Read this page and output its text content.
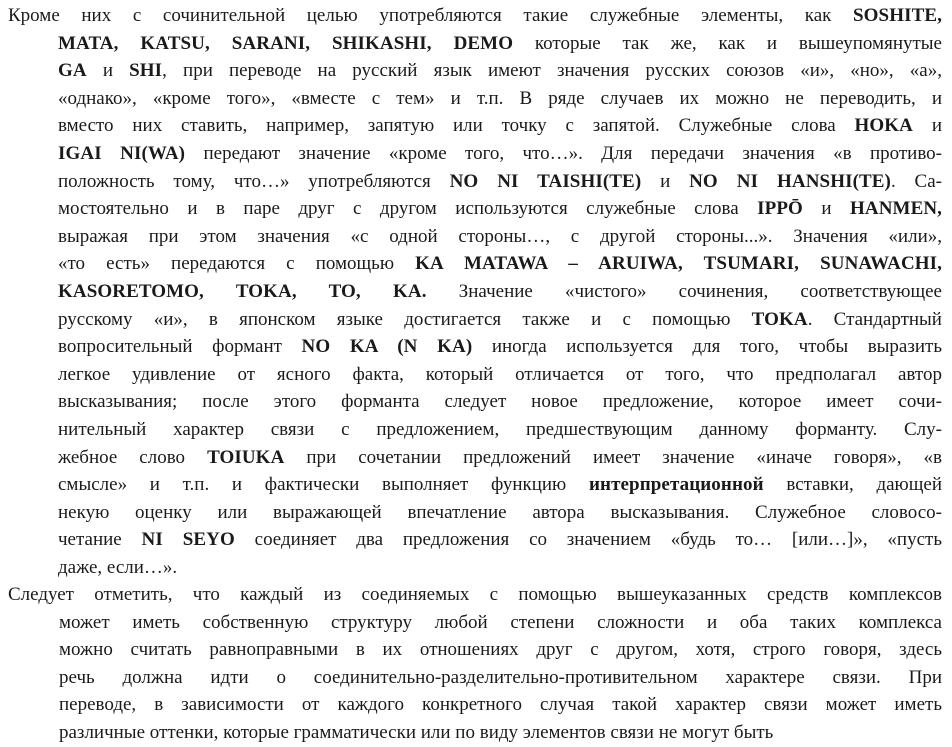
Кроме них с сочинительной целью употребляются такие служебные элементы, как SOSHITE,
MATA, KATSU, SARANI, SHIKASHI, DEMO которые так же, как и вышеупомянутые
GA и SHI, при переводе на русский язык имеют значения русских союзов «и», «но», «а»,
«однако», «кроме того», «вместе с тем» и т.п. В ряде случаев их можно не переводить, и
вместо них ставить, например, запятую или точку с запятой. Служебные слова HOKA и
IGAI NI(WA) передают значение «кроме того, что…». Для передачи значения «в противо-
положность тому, что…» употребляются NO NI TAISHI(TE) и NO NI HANSHI(TE). Са-
мостоятельно и в паре друг с другом используются служебные слова IPPŌ и HANMEN,
выражая при этом значения «с одной стороны…, с другой стороны...». Значения «или»,
«то есть» передаются с помощью KA MATAWA – ARUIWA, TSUMARI, SUNAWACHI,
KASORETOMO, TOKA, TO, KA. Значение «чистого» сочинения, соответствующее
русскому «и», в японском языке достигается также и с помощью TOKA. Стандартный
вопросительный формант NO KA (N KA) иногда используется для того, чтобы выразить
легкое удивление от ясного факта, который отличается от того, что предполагал автор
высказывания; после этого форманта следует новое предложение, которое имеет сочи-
нительный характер связи с предложением, предшествующим данному форманту. Слу-
жебное слово TOIUKA при сочетании предложений имеет значение «иначе говоря», «в
смысле» и т.п. и фактически выполняет функцию интерпретационной вставки, дающей
некую оценку или выражающей впечатление автора высказывания. Служебное словосо-
четание NI SEYO соединяет два предложения со значением «будь то… [или…]», «пусть
даже, если…».
Следует отметить, что каждый из соединяемых с помощью вышеуказанных средств комплексов
может иметь собственную структуру любой степени сложности и оба таких комплекса
можно считать равноправными в их отношениях друг с другом, хотя, строго говоря, здесь
речь должна идти о соединительно-разделительно-противительном характере связи. При
переводе, в зависимости от каждого конкретного случая такой характер связи может иметь
различные оттенки, которые грамматически или по виду элементов связи не могут быть
